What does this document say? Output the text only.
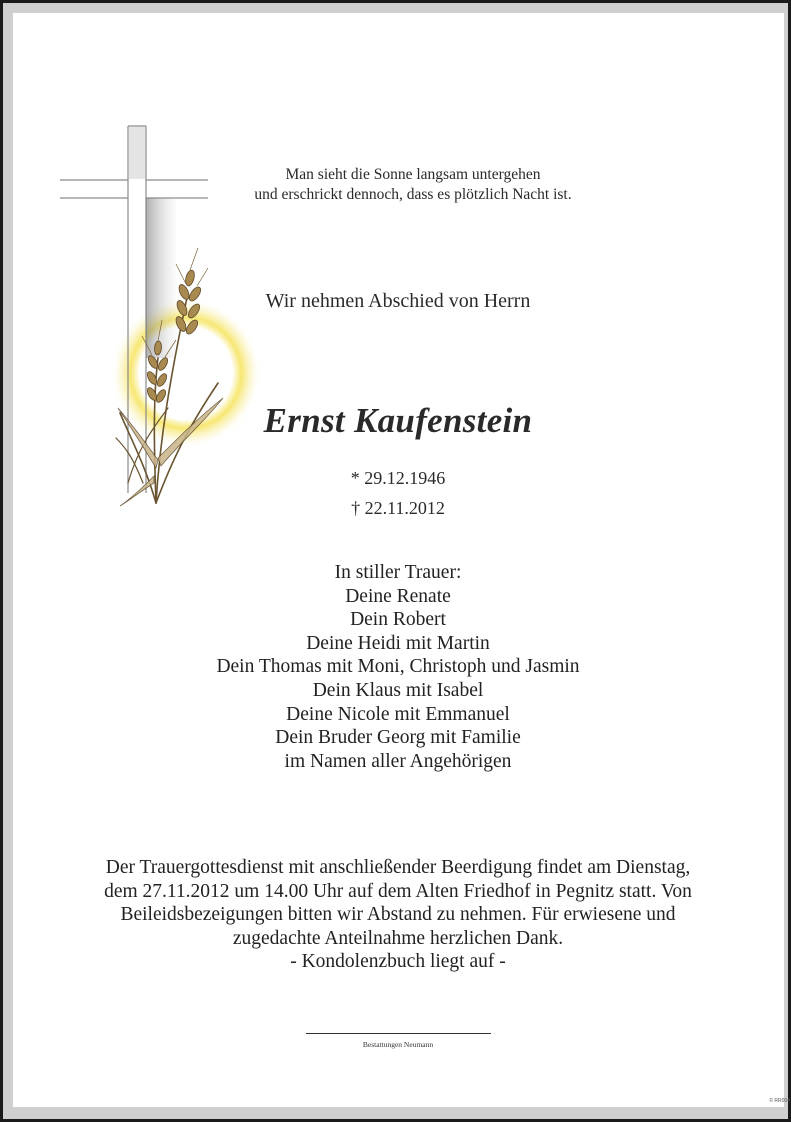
Man sieht die Sonne langsam untergehen
und erschrickt dennoch, dass es plötzlich Nacht ist.
Wir nehmen Abschied von Herrn
Ernst Kaufenstein
* 29.12.1946
† 22.11.2012
In stiller Trauer:
Deine Renate
Dein Robert
Deine Heidi mit Martin
Dein Thomas mit Moni, Christoph und Jasmin
Dein Klaus mit Isabel
Deine Nicole mit Emmanuel
Dein Bruder Georg mit Familie
im Namen aller Angehörigen
Der Trauergottesdienst mit anschließender Beerdigung findet am Dienstag,
dem 27.11.2012 um 14.00 Uhr auf dem Alten Friedhof in Pegnitz statt. Von
Beileidsbezeigungen bitten wir Abstand zu nehmen. Für erwiesene und
zugedachte Anteilnahme herzlichen Dank.
- Kondolenzbuch liegt auf -
Bestattungen Neumann
© RR004
